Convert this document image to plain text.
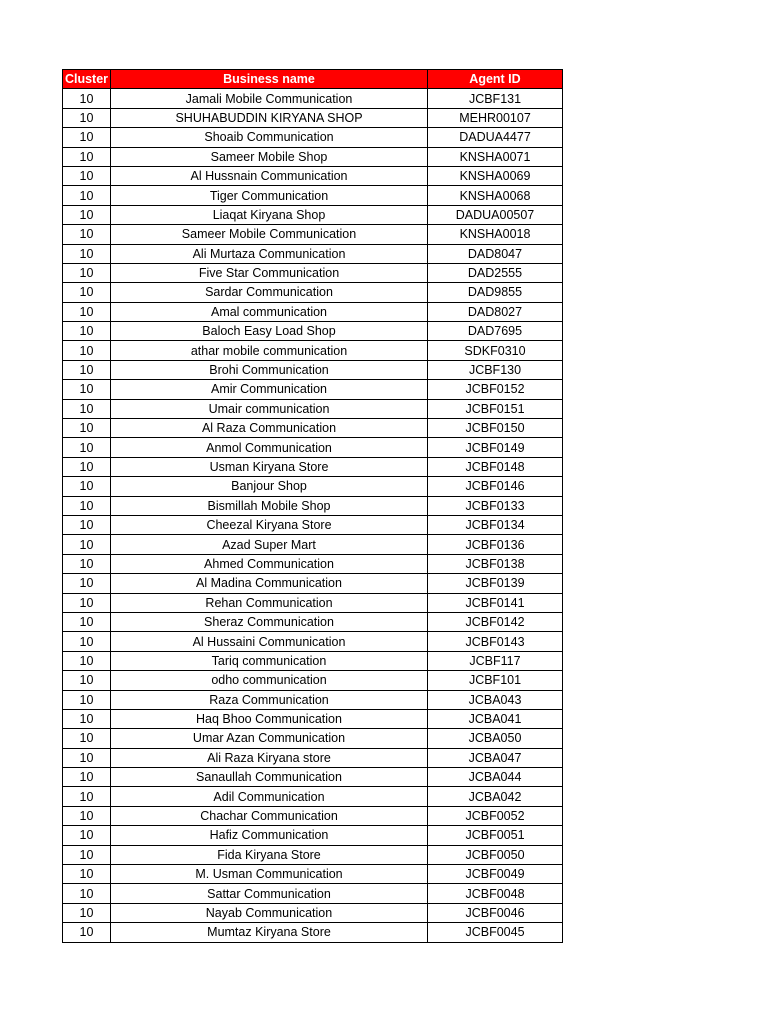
Cluster	Business name	Agent ID
10	Jamali Mobile Communication	JCBF131
10	SHUHABUDDIN KIRYANA SHOP	MEHR00107
10	Shoaib Communication	DADUA4477
10	Sameer Mobile Shop	KNSHA0071
10	Al Hussnain Communication	KNSHA0069
10	Tiger Communication	KNSHA0068
10	Liaqat Kiryana Shop	DADUA00507
10	Sameer Mobile Communication	KNSHA0018
10	Ali Murtaza Communication	DAD8047
10	Five Star Communication	DAD2555
10	Sardar Communication	DAD9855
10	Amal communication	DAD8027
10	Baloch Easy Load Shop	DAD7695
10	athar mobile communication	SDKF0310
10	Brohi Communication	JCBF130
10	Amir Communication	JCBF0152
10	Umair communication	JCBF0151
10	Al Raza Communication	JCBF0150
10	Anmol Communication	JCBF0149
10	Usman Kiryana Store	JCBF0148
10	Banjour Shop	JCBF0146
10	Bismillah Mobile Shop	JCBF0133
10	Cheezal Kiryana Store	JCBF0134
10	Azad Super Mart	JCBF0136
10	Ahmed Communication	JCBF0138
10	Al Madina Communication	JCBF0139
10	Rehan Communication	JCBF0141
10	Sheraz Communication	JCBF0142
10	Al Hussaini Communication	JCBF0143
10	Tariq communication	JCBF117
10	odho communication	JCBF101
10	Raza Communication	JCBA043
10	Haq Bhoo Communication	JCBA041
10	Umar Azan Communication	JCBA050
10	Ali Raza Kiryana store	JCBA047
10	Sanaullah Communication	JCBA044
10	Adil Communication	JCBA042
10	Chachar Communication	JCBF0052
10	Hafiz Communication	JCBF0051
10	Fida Kiryana Store	JCBF0050
10	M. Usman Communication	JCBF0049
10	Sattar Communication	JCBF0048
10	Nayab Communication	JCBF0046
10	Mumtaz Kiryana Store	JCBF0045
